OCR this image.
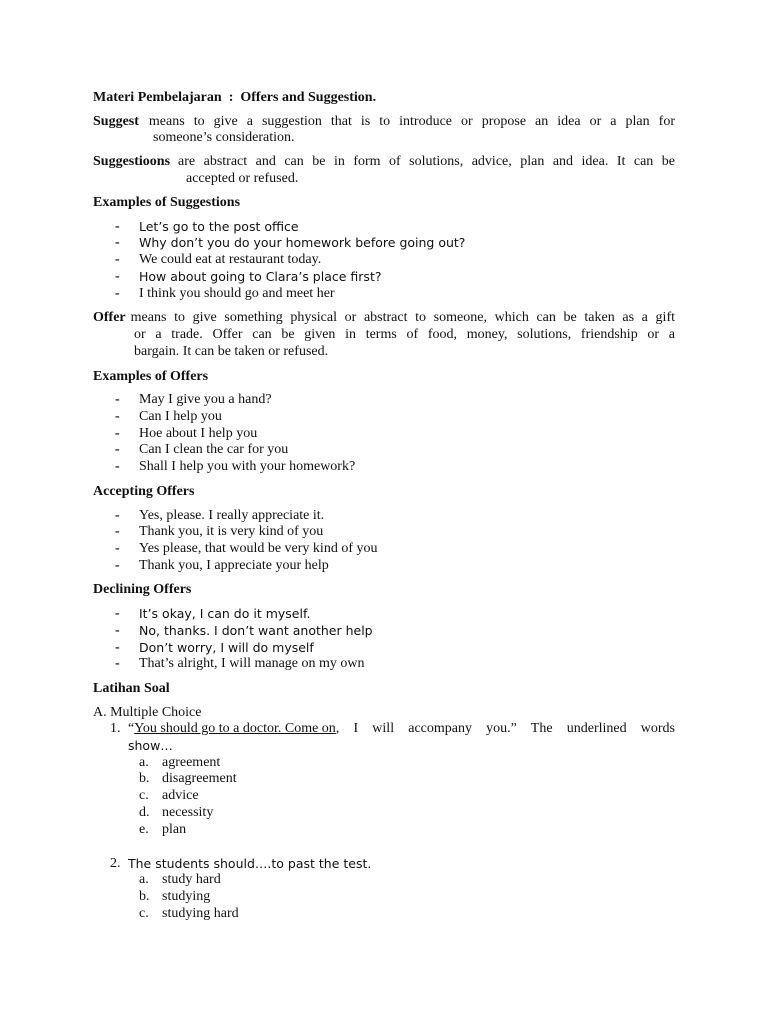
Materi Pembelajaran : Offers and Suggestion.
Suggest means to give a suggestion that is to introduce or propose an idea or a plan for
someone’s consideration.
Suggestioons are abstract and can be in form of solutions, advice, plan and idea. It can be
accepted or refused.
Examples of Suggestions
- Let’s go to the post office
- Why don’t you do your homework before going out?
- We could eat at restaurant today.
- How about going to Clara’s place first?
- I think you should go and meet her
Offer means to give something physical or abstract to someone, which can be taken as a gift
or a trade. Offer can be given in terms of food, money, solutions, friendship or a
bargain. It can be taken or refused.
Examples of Offers
- May I give you a hand?
- Can I help you
- Hoe about I help you
- Can I clean the car for you
- Shall I help you with your homework?
Accepting Offers
- Yes, please. I really appreciate it.
- Thank you, it is very kind of you
- Yes please, that would be very kind of you
- Thank you, I appreciate your help
Declining Offers
- It’s okay, I can do it myself.
- No, thanks. I don’t want another help
- Don’t worry, I will do myself
- That’s alright, I will manage on my own
Latihan Soal
A. Multiple Choice
1. “ You should go to a doctor. Come on , I will accompany you.” The underlined words
show…
a. agreement
b. disagreement
c. advice
d. necessity
e. plan
2. The students should….to past the test.
a. study hard
b. studying
c. studying hard
